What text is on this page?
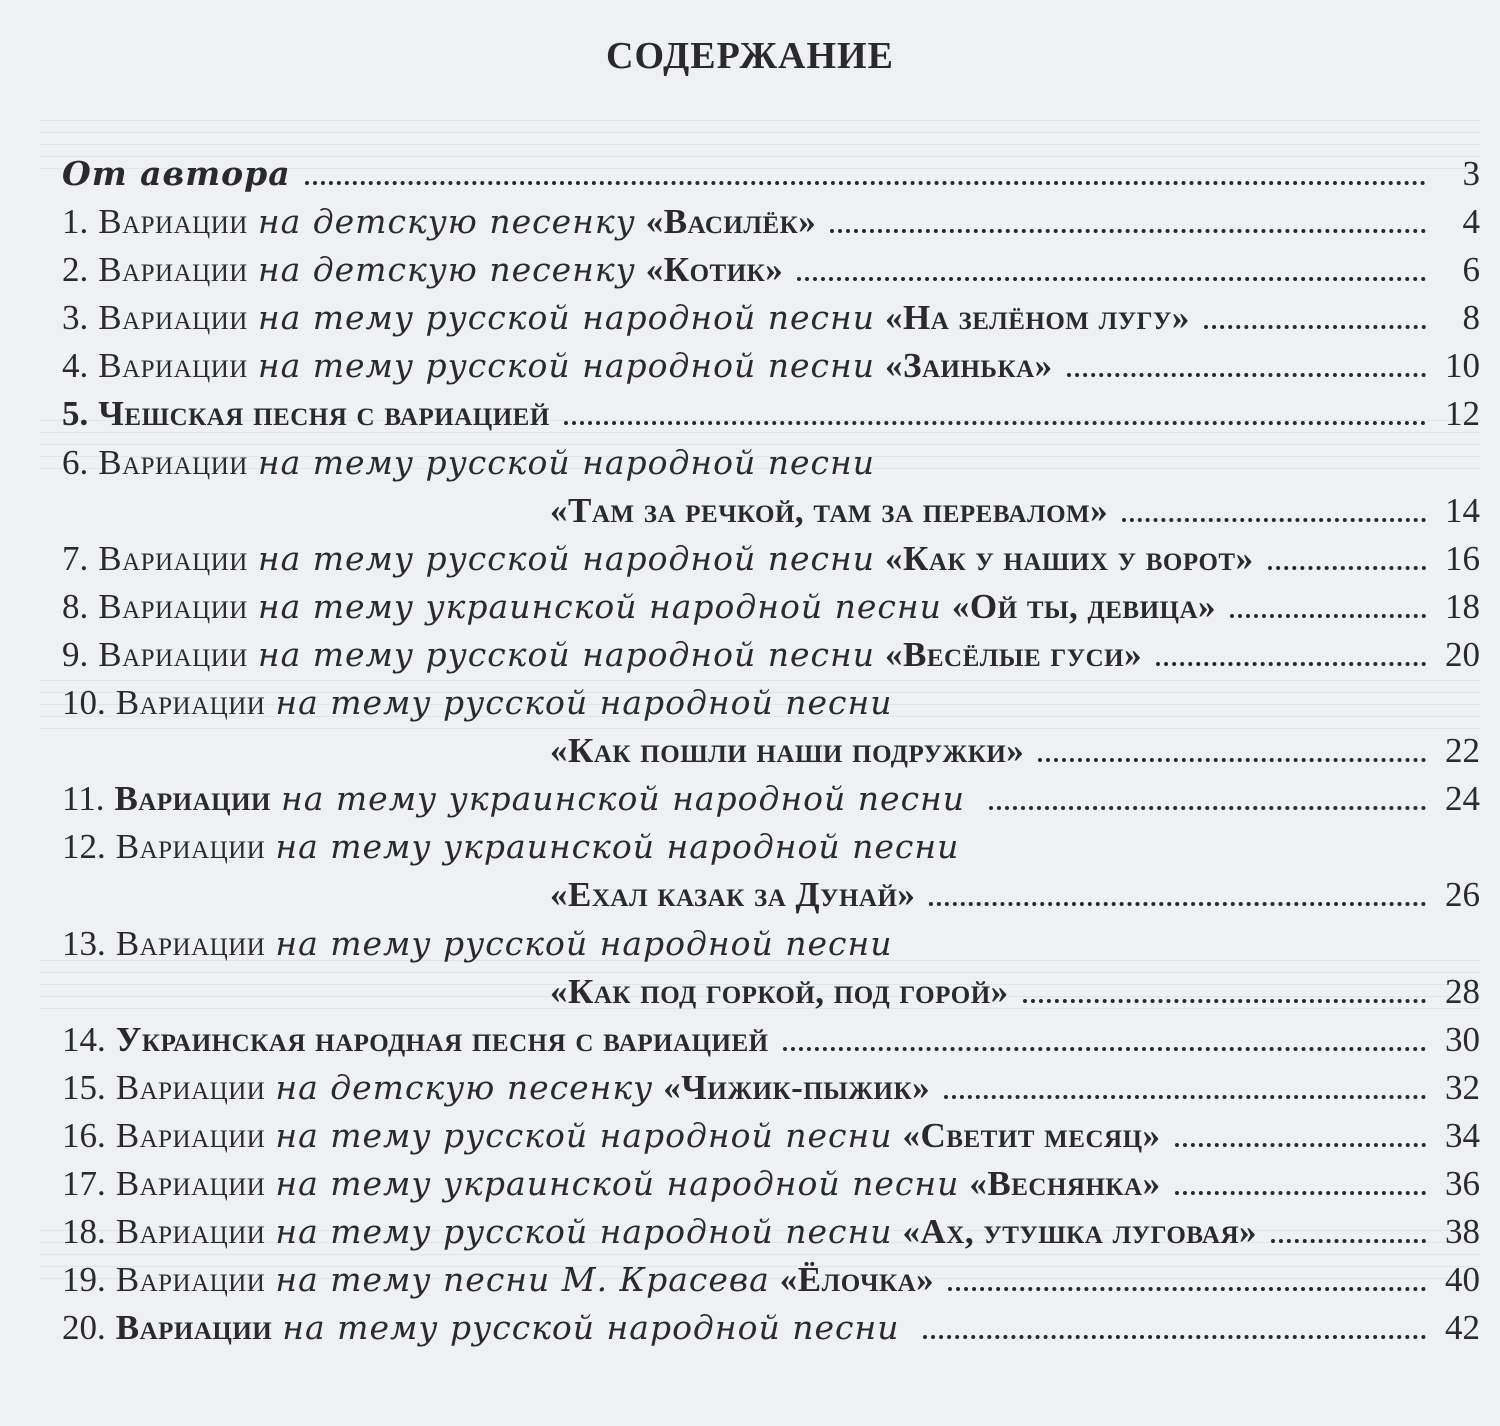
СОДЕРЖАНИЕ
От автора	3
1. Вариации на детскую песенку «Василёк»	4
2. Вариации на детскую песенку «Котик»	6
3. Вариации на тему русской народной песни «На зелёном лугу»	8
4. Вариации на тему русской народной песни «Заинька»	10
5. Чешская песня с вариацией	12
6. Вариации на тему русской народной песни
«Там за речкой, там за перевалом»	14
7. Вариации на тему русской народной песни «Как у наших у ворот»	16
8. Вариации на тему украинской народной песни «Ой ты, девица»	18
9. Вариации на тему русской народной песни «Весёлые гуси»	20
10. Вариации на тему русской народной песни
«Как пошли наши подружки»	22
11. Вариации на тему украинской народной песни	24
12. Вариации на тему украинской народной песни
«Ехал казак за Дунай»	26
13. Вариации на тему русской народной песни
«Как под горкой, под горой»	28
14. Украинская народная песня с вариацией	30
15. Вариации на детскую песенку «Чижик-пыжик»	32
16. Вариации на тему русской народной песни «Светит месяц»	34
17. Вариации на тему украинской народной песни «Веснянка»	36
18. Вариации на тему русской народной песни «Ах, утушка луговая»	38
19. Вариации на тему песни М. Красева «Ёлочка»	40
20. Вариации на тему русской народной песни	42
